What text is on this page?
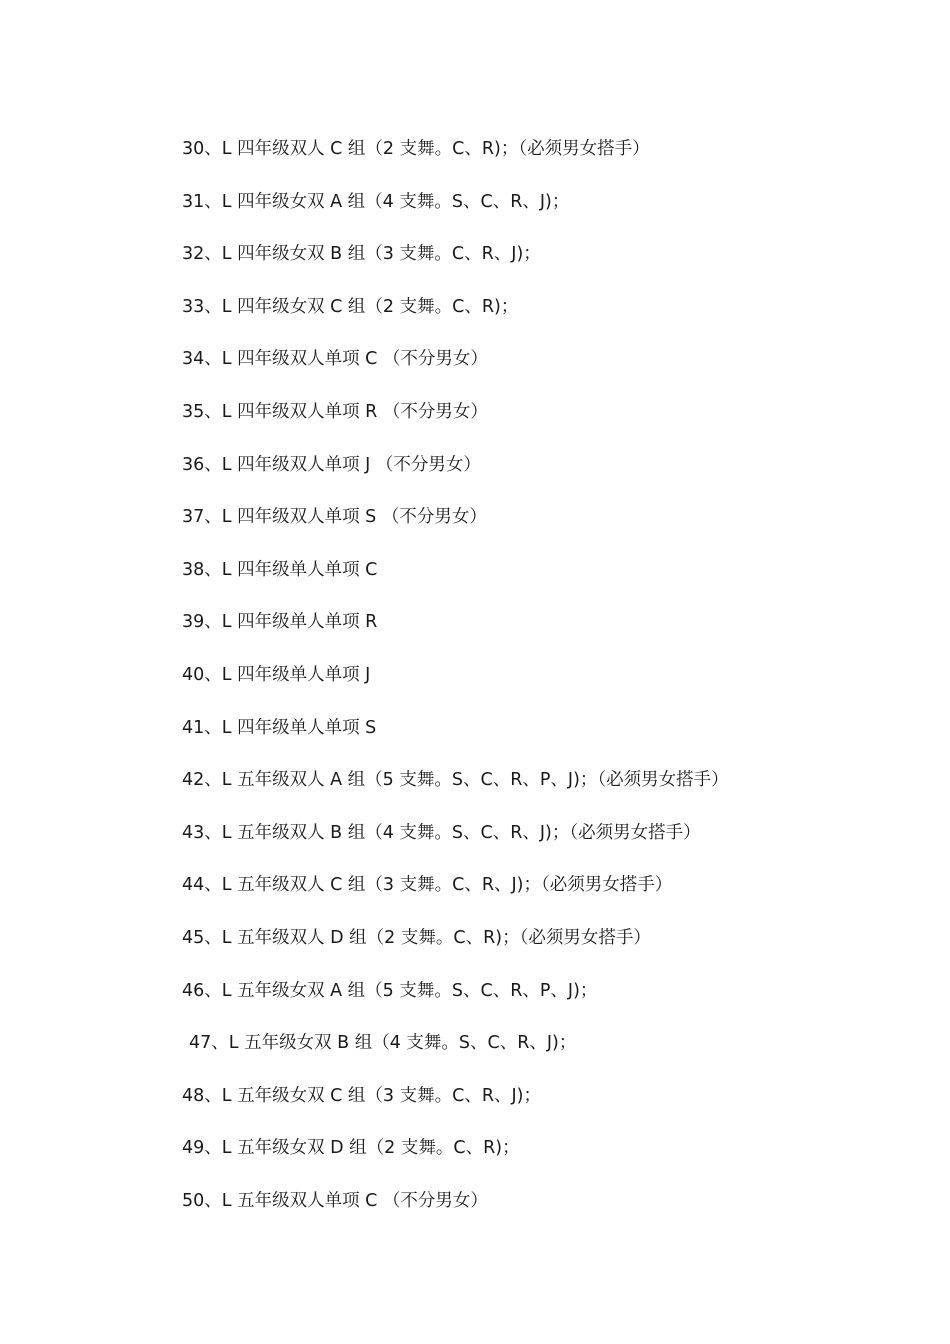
30、L 四年级双人 C 组（2 支舞。C、R)；（必须男女搭手）
31、L 四年级女双 A 组（4 支舞。S、C、R、J)；
32、L 四年级女双 B 组（3 支舞。C、R、J)；
33、L 四年级女双 C 组（2 支舞。C、R)；
34、L 四年级双人单项 C （不分男女）
35、L 四年级双人单项 R （不分男女）
36、L 四年级双人单项 J （不分男女）
37、L 四年级双人单项 S （不分男女）
38、L 四年级单人单项 C
39、L 四年级单人单项 R
40、L 四年级单人单项 J
41、L 四年级单人单项 S
42、L 五年级双人 A 组（5 支舞。S、C、R、P、J)；（必须男女搭手）
43、L 五年级双人 B 组（4 支舞。S、C、R、J)；（必须男女搭手）
44、L 五年级双人 C 组（3 支舞。C、R、J)；（必须男女搭手）
45、L 五年级双人 D 组（2 支舞。C、R)；（必须男女搭手）
46、L 五年级女双 A 组（5 支舞。S、C、R、P、J)；
47、L 五年级女双 B 组（4 支舞。S、C、R、J)；
48、L 五年级女双 C 组（3 支舞。C、R、J)；
49、L 五年级女双 D 组（2 支舞。C、R)；
50、L 五年级双人单项 C （不分男女）
